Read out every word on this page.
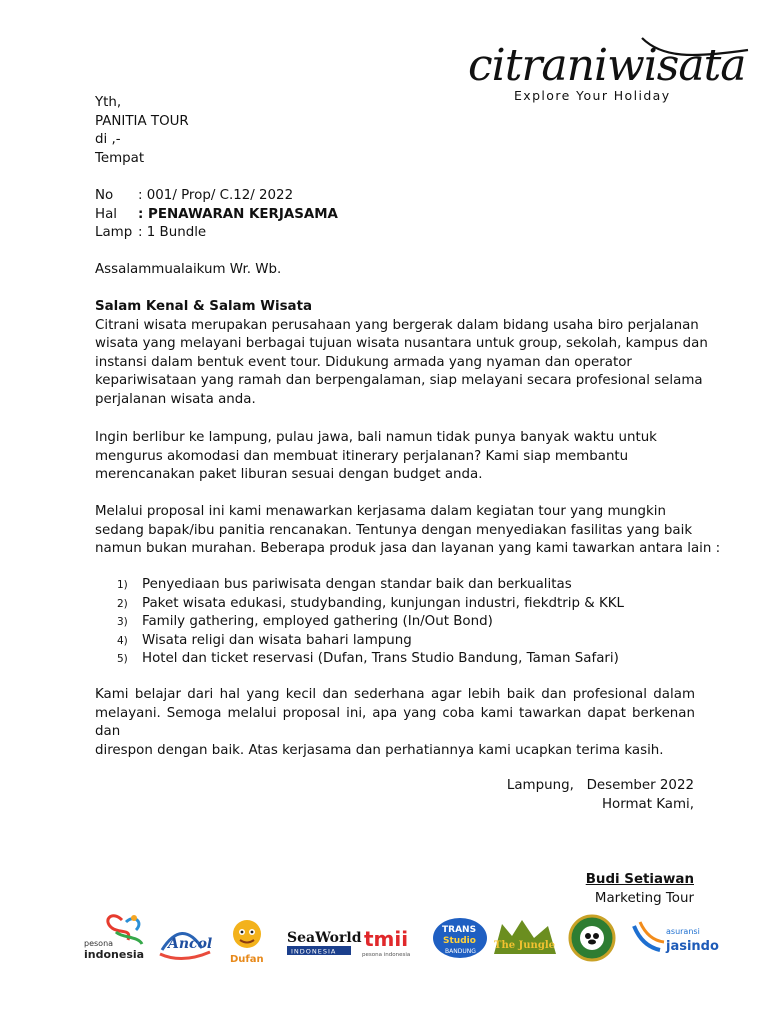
citraniwisata
Explore Your Holiday
Yth,
PANITIA TOUR
di ,-
Tempat
No	: 001/ Prop/ C.12/ 2022
Hal	: PENAWARAN KERJASAMA
Lamp : 1 Bundle
Assalammualaikum Wr. Wb.
Salam Kenal & Salam Wisata
Citrani wisata merupakan perusahaan yang bergerak dalam bidang usaha biro perjalanan
wisata yang melayani berbagai tujuan wisata nusantara untuk group, sekolah, kampus dan
instansi dalam bentuk event tour. Didukung armada yang nyaman dan operator
kepariwisataan yang ramah dan berpengalaman, siap melayani secara profesional selama
perjalanan wisata anda.
Ingin berlibur ke lampung, pulau jawa, bali namun tidak punya banyak waktu untuk
mengurus akomodasi dan membuat itinerary perjalanan? Kami siap membantu
merencanakan paket liburan sesuai dengan budget anda.
Melalui proposal ini kami menawarkan kerjasama dalam kegiatan tour yang mungkin
sedang bapak/ibu panitia rencanakan. Tentunya dengan menyediakan fasilitas yang baik
namun bukan murahan. Beberapa produk jasa dan layanan yang kami tawarkan antara lain :
1)	Penyediaan bus pariwisata dengan standar baik dan berkualitas
2)	Paket wisata edukasi, studybanding, kunjungan industri, fiekdtrip & KKL
3)	Family gathering, employed gathering (In/Out Bond)
4)	Wisata religi dan wisata bahari lampung
5)	Hotel dan ticket reservasi (Dufan, Trans Studio Bandung, Taman Safari)
Kami belajar dari hal yang kecil dan sederhana agar lebih baik dan profesional dalam
melayani. Semoga melalui proposal ini, apa yang coba kami tawarkan dapat berkenan dan
direspon dengan baik. Atas kerjasama dan perhatiannya kami ucapkan terima kasih.
Lampung,   Desember 2022
Hormat Kami,
Budi Setiawan
Marketing Tour
pesona
indonesia
Ancol
Dufan
SeaWorld
INDONESIA
tmii
pesona indonesia
TRANS
Studio
BANDUNG
The Jungle
asuransi
jasindo
